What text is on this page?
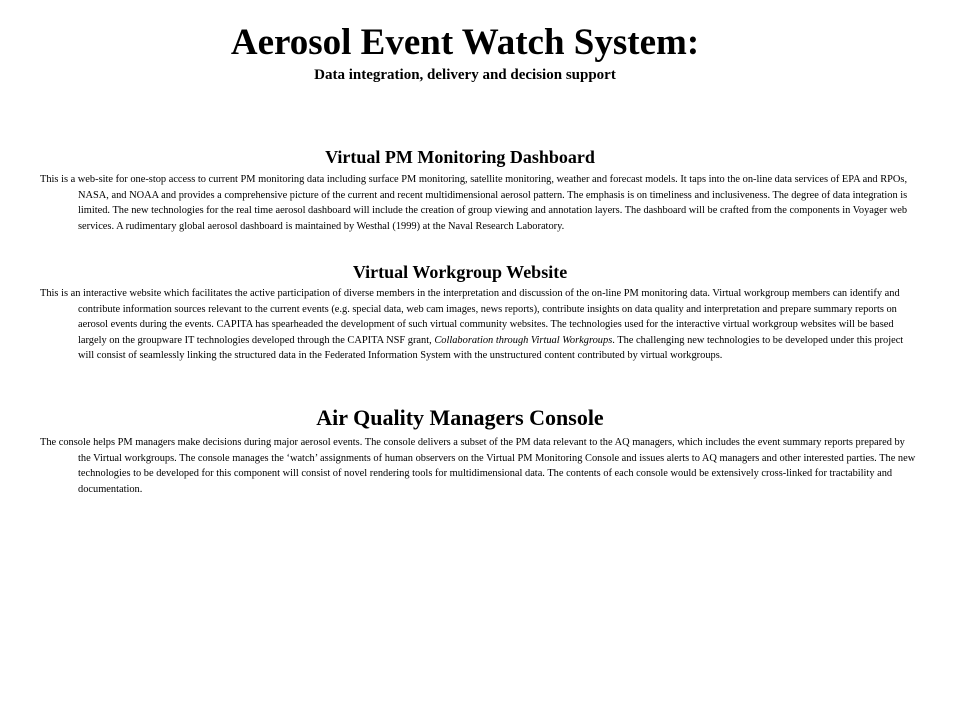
Aerosol Event Watch System:
Data integration, delivery and decision support
Virtual PM Monitoring Dashboard

This is a web-site for one-stop access to current PM monitoring data including surface PM monitoring, satellite monitoring, weather and forecast models. It taps into the on-line data services of EPA and RPOs, NASA, and NOAA and provides a comprehensive picture of the current and recent multidimensional aerosol pattern. The emphasis is on timeliness and inclusiveness. The degree of data integration is limited. The new technologies for the real time aerosol dashboard will include the creation of group viewing and annotation layers. The dashboard will be crafted from the components in Voyager web services. A rudimentary global aerosol dashboard is maintained by Westhal (1999) at the Naval Research Laboratory.

Virtual Workgroup Website

This is an interactive website which facilitates the active participation of diverse members in the interpretation and discussion of the on-line PM monitoring data. Virtual workgroup members can identify and contribute information sources relevant to the current events (e.g. special data, web cam images, news reports), contribute insights on data quality and interpretation and prepare summary reports on aerosol events during the events. CAPITA has spearheaded the development of such virtual community websites. The technologies used for the interactive virtual workgroup websites will be based largely on the groupware IT technologies developed through the CAPITA NSF grant, Collaboration through Virtual Workgroups. The challenging new technologies to be developed under this project will consist of seamlessly linking the structured data in the Federated Information System with the unstructured content contributed by virtual workgroups.

Air Quality Managers Console

The console helps PM managers make decisions during major aerosol events. The console delivers a subset of the PM data relevant to the AQ managers, which includes the event summary reports prepared by the Virtual workgroups. The console manages the ‘watch’ assignments of human observers on the Virtual PM Monitoring Console and issues alerts to AQ managers and other interested parties. The new technologies to be developed for this component will consist of novel rendering tools for multidimensional data. The contents of each console would be extensively cross-linked for tractability and documentation.
